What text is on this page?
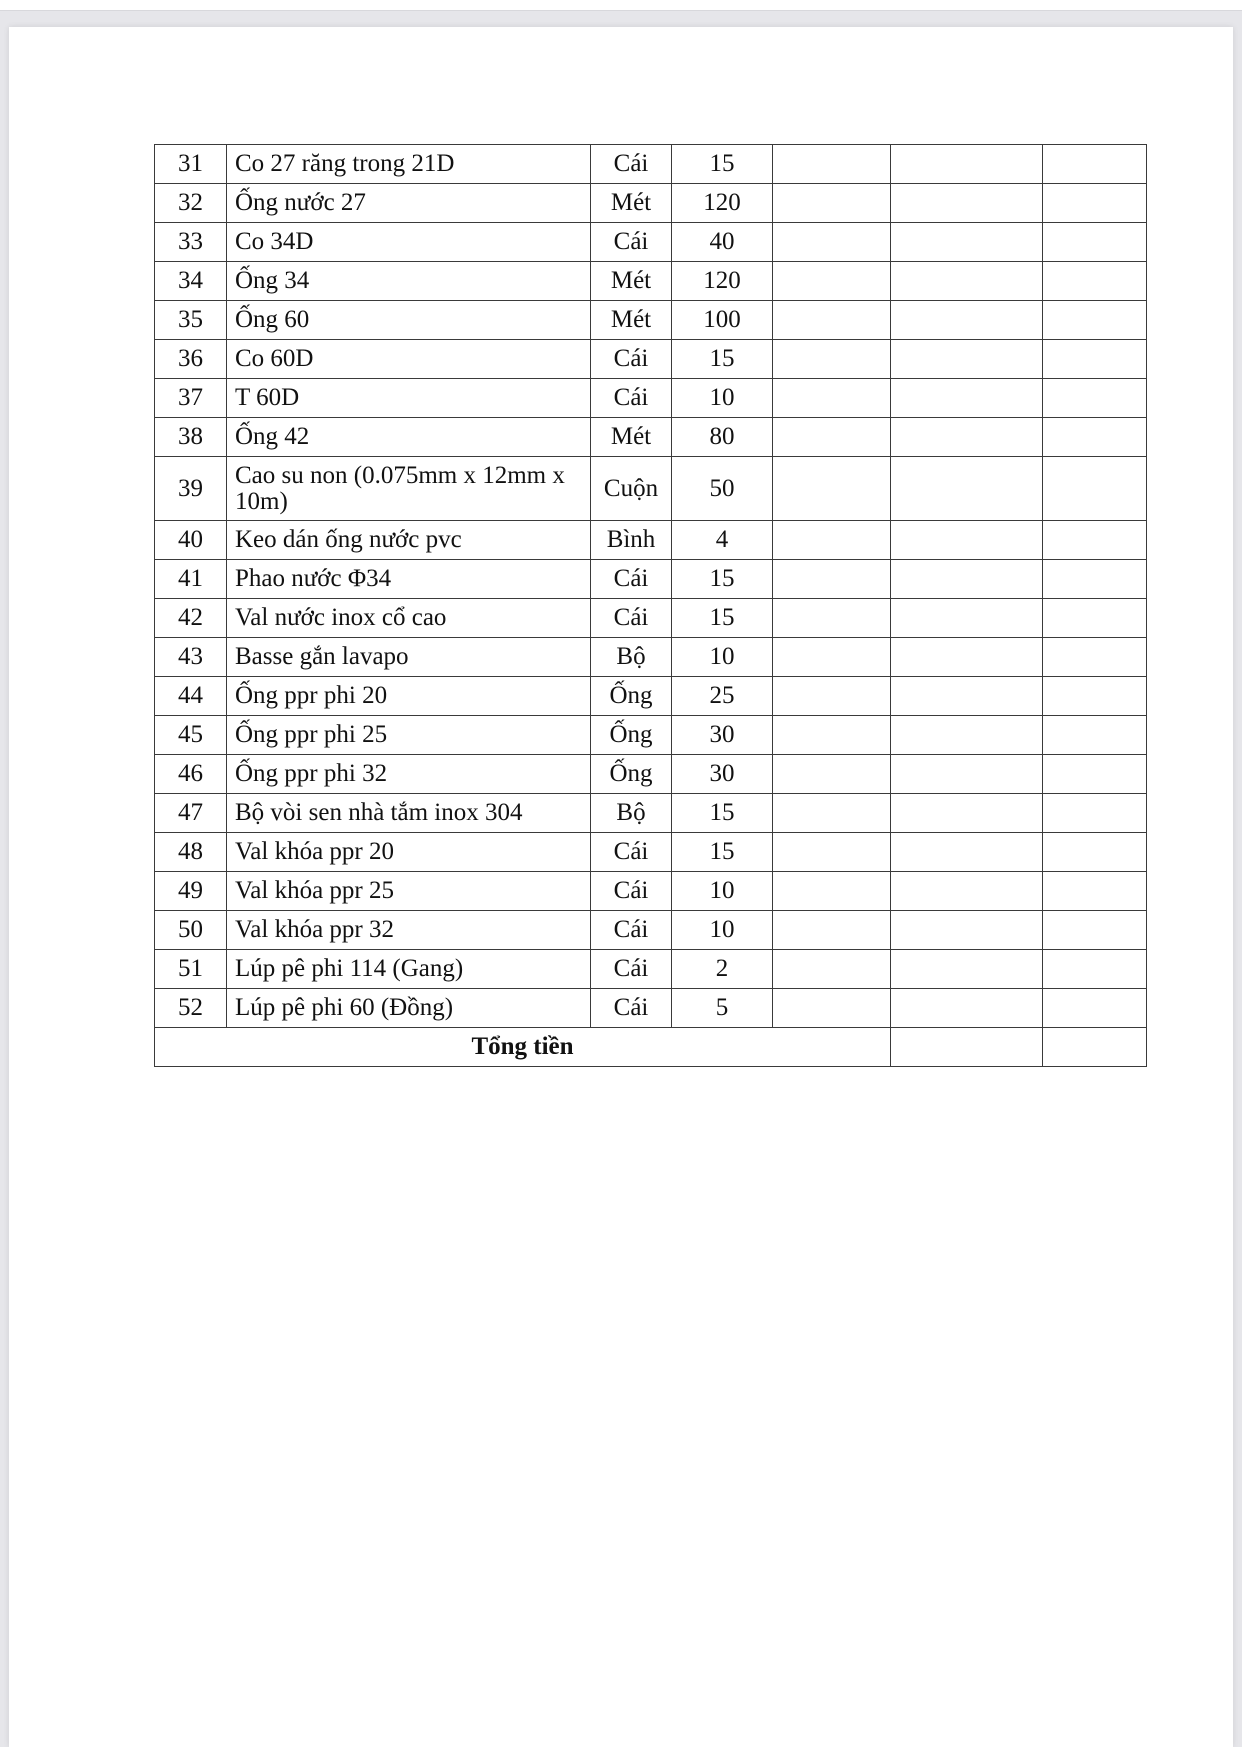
31	Co 27 răng trong 21D	Cái	15			
32	Ống nước 27	Mét	120			
33	Co 34D	Cái	40			
34	Ống 34	Mét	120			
35	Ống 60	Mét	100			
36	Co 60D	Cái	15			
37	T 60D	Cái	10			
38	Ống 42	Mét	80			
39	Cao su non (0.075mm x 12mm x 10m)	Cuộn	50			
40	Keo dán ống nước pvc	Bình	4			
41	Phao nước Φ34	Cái	15			
42	Val nước inox cổ cao	Cái	15			
43	Basse gắn lavapo	Bộ	10			
44	Ống ppr phi 20	Ống	25			
45	Ống ppr phi 25	Ống	30			
46	Ống ppr phi 32	Ống	30			
47	Bộ vòi sen nhà tắm inox 304	Bộ	15			
48	Val khóa ppr 20	Cái	15			
49	Val khóa ppr 25	Cái	10			
50	Val khóa ppr 32	Cái	10			
51	Lúp pê phi 114 (Gang)	Cái	2			
52	Lúp pê phi 60 (Đồng)	Cái	5			
Tổng tiền						
